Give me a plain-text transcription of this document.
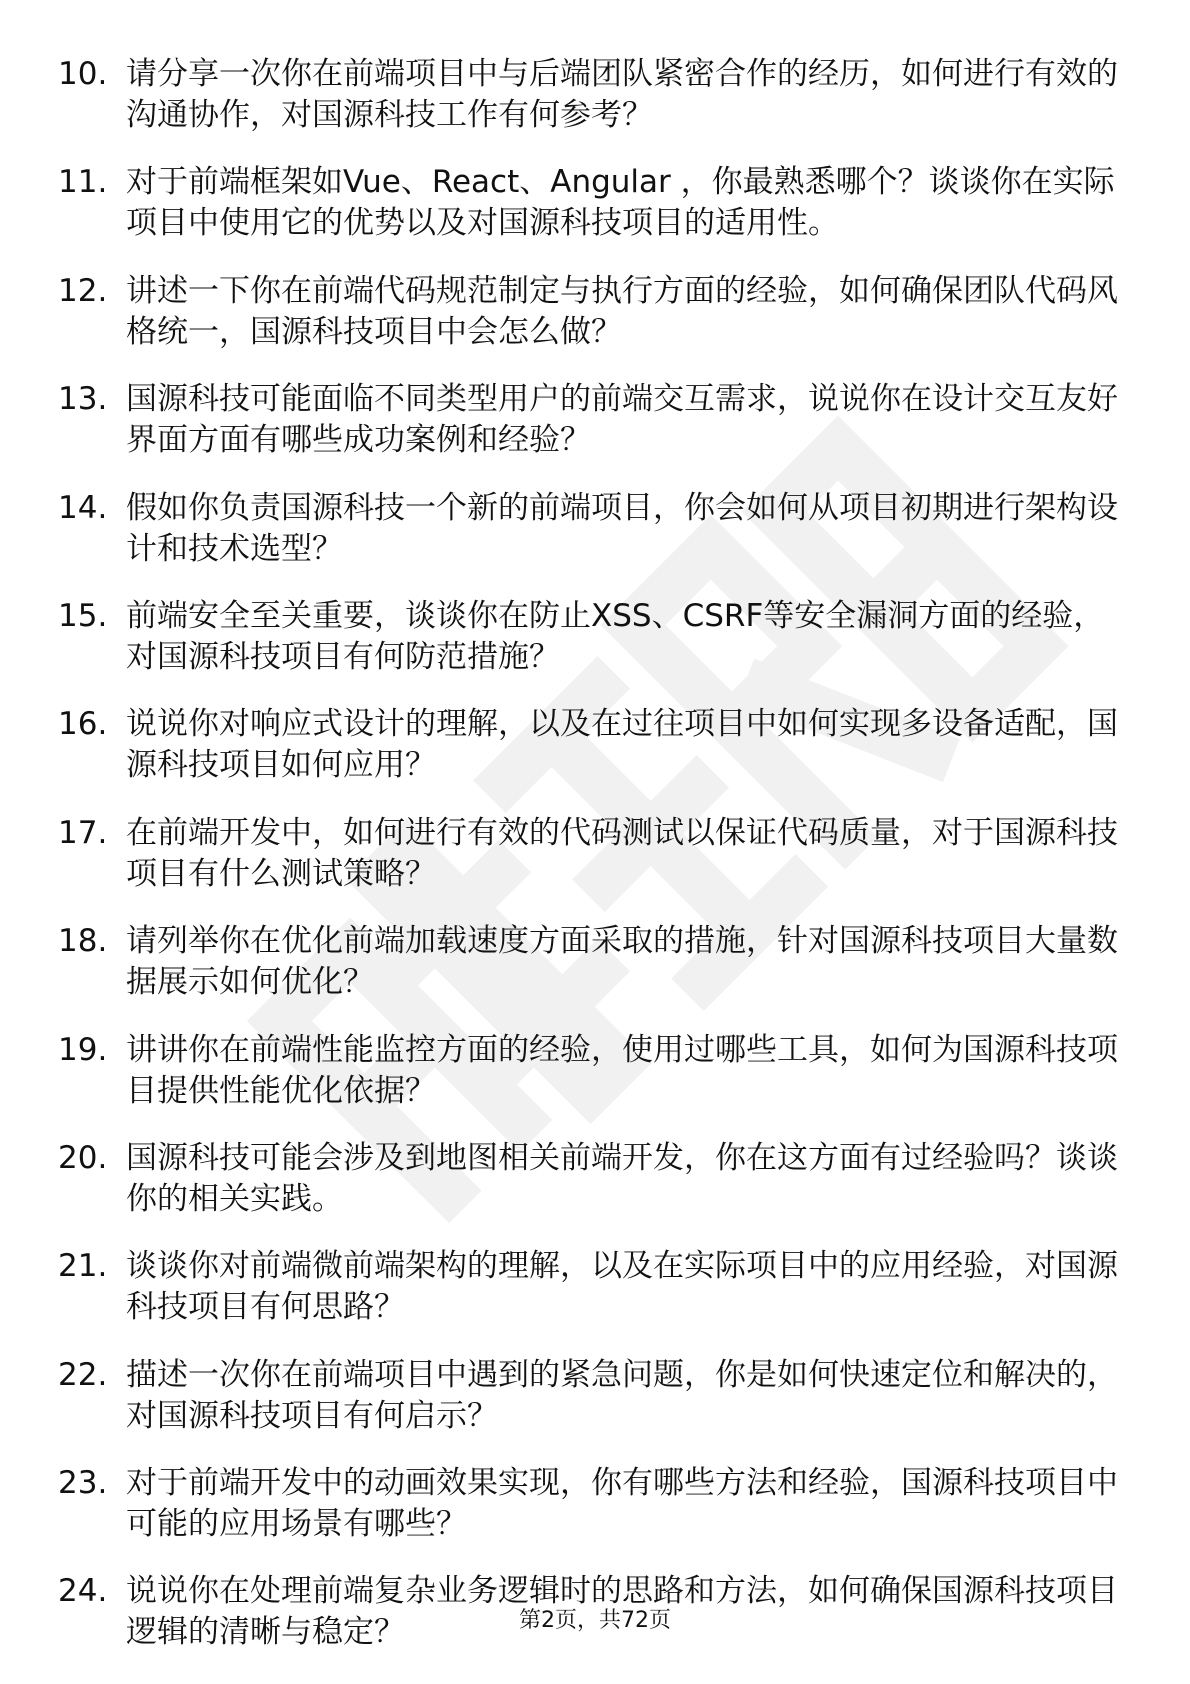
10. 请分享一次你在前端项目中与后端团队紧密合作的经历，如何进行有效的沟通协作，对国源科技工作有何参考？
11. 对于前端框架如Vue、React、Angular ，你最熟悉哪个？谈谈你在实际项目中使用它的优势以及对国源科技项目的适用性。
12. 讲述一下你在前端代码规范制定与执行方面的经验，如何确保团队代码风格统一，国源科技项目中会怎么做？
13. 国源科技可能面临不同类型用户的前端交互需求，说说你在设计交互友好界面方面有哪些成功案例和经验？
14. 假如你负责国源科技一个新的前端项目，你会如何从项目初期进行架构设计和技术选型？
15. 前端安全至关重要，谈谈你在防止XSS、CSRF等安全漏洞方面的经验，对国源科技项目有何防范措施？
16. 说说你对响应式设计的理解，以及在过往项目中如何实现多设备适配，国源科技项目如何应用？
17. 在前端开发中，如何进行有效的代码测试以保证代码质量，对于国源科技项目有什么测试策略？
18. 请列举你在优化前端加载速度方面采取的措施，针对国源科技项目大量数据展示如何优化？
19. 讲讲你在前端性能监控方面的经验，使用过哪些工具，如何为国源科技项目提供性能优化依据？
20. 国源科技可能会涉及到地图相关前端开发，你在这方面有过经验吗？谈谈你的相关实践。
21. 谈谈你对前端微前端架构的理解，以及在实际项目中的应用经验，对国源科技项目有何思路？
22. 描述一次你在前端项目中遇到的紧急问题，你是如何快速定位和解决的，对国源科技项目有何启示？
23. 对于前端开发中的动画效果实现，你有哪些方法和经验，国源科技项目中可能的应用场景有哪些？
24. 说说你在处理前端复杂业务逻辑时的思路和方法，如何确保国源科技项目逻辑的清晰与稳定？	第2页，共72页
